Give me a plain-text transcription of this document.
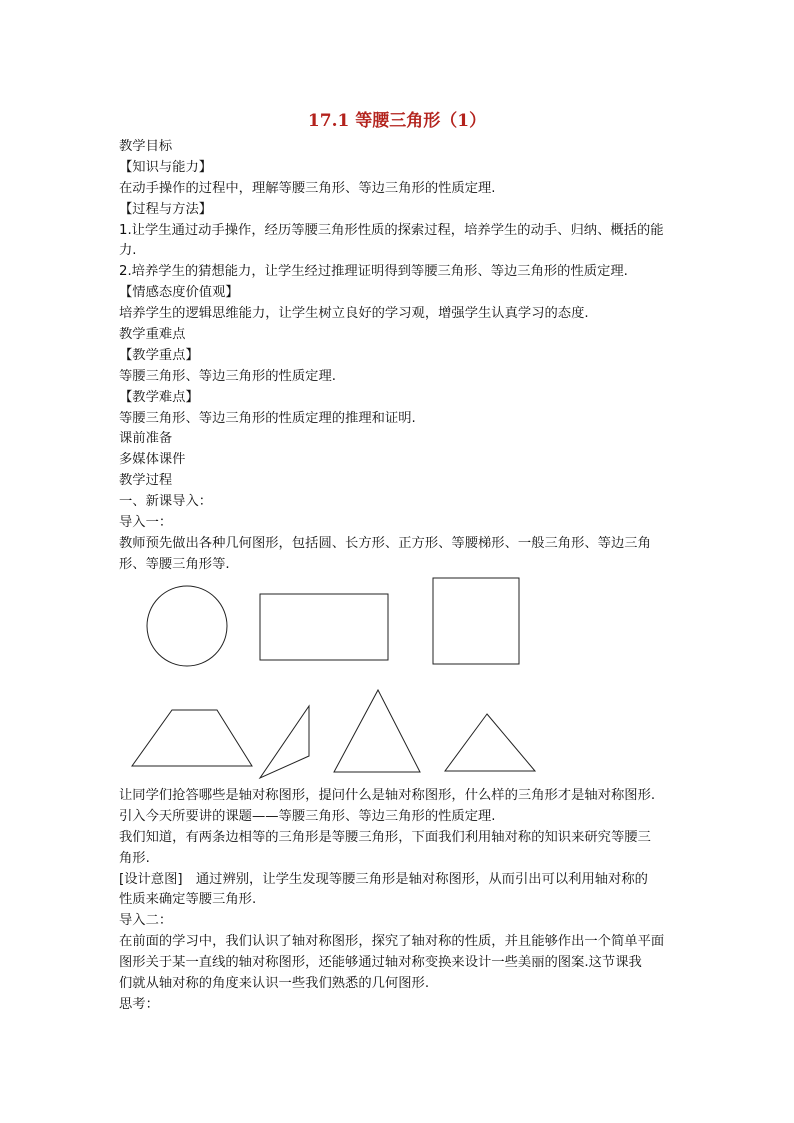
17.1 等腰三角形（1）
教学目标
【知识与能力】
在动手操作的过程中，理解等腰三角形、等边三角形的性质定理.
【过程与方法】
1.让学生通过动手操作，经历等腰三角形性质的探索过程，培养学生的动手、归纳、概括的能
力.
2.培养学生的猜想能力，让学生经过推理证明得到等腰三角形、等边三角形的性质定理.
【情感态度价值观】
培养学生的逻辑思维能力，让学生树立良好的学习观，增强学生认真学习的态度.
教学重难点
【教学重点】
等腰三角形、等边三角形的性质定理.
【教学难点】
等腰三角形、等边三角形的性质定理的推理和证明.
课前准备
多媒体课件
教学过程
一、新课导入：
导入一：
教师预先做出各种几何图形，包括圆、长方形、正方形、等腰梯形、一般三角形、等边三角
形、等腰三角形等.
让同学们抢答哪些是轴对称图形，提问什么是轴对称图形，什么样的三角形才是轴对称图形.
引入今天所要讲的课题——等腰三角形、等边三角形的性质定理.
我们知道，有两条边相等的三角形是等腰三角形，下面我们利用轴对称的知识来研究等腰三
角形.
[设计意图]　通过辨别，让学生发现等腰三角形是轴对称图形，从而引出可以利用轴对称的
性质来确定等腰三角形.
导入二：
在前面的学习中，我们认识了轴对称图形，探究了轴对称的性质，并且能够作出一个简单平面
图形关于某一直线的轴对称图形，还能够通过轴对称变换来设计一些美丽的图案.这节课我
们就从轴对称的角度来认识一些我们熟悉的几何图形.
思考：
